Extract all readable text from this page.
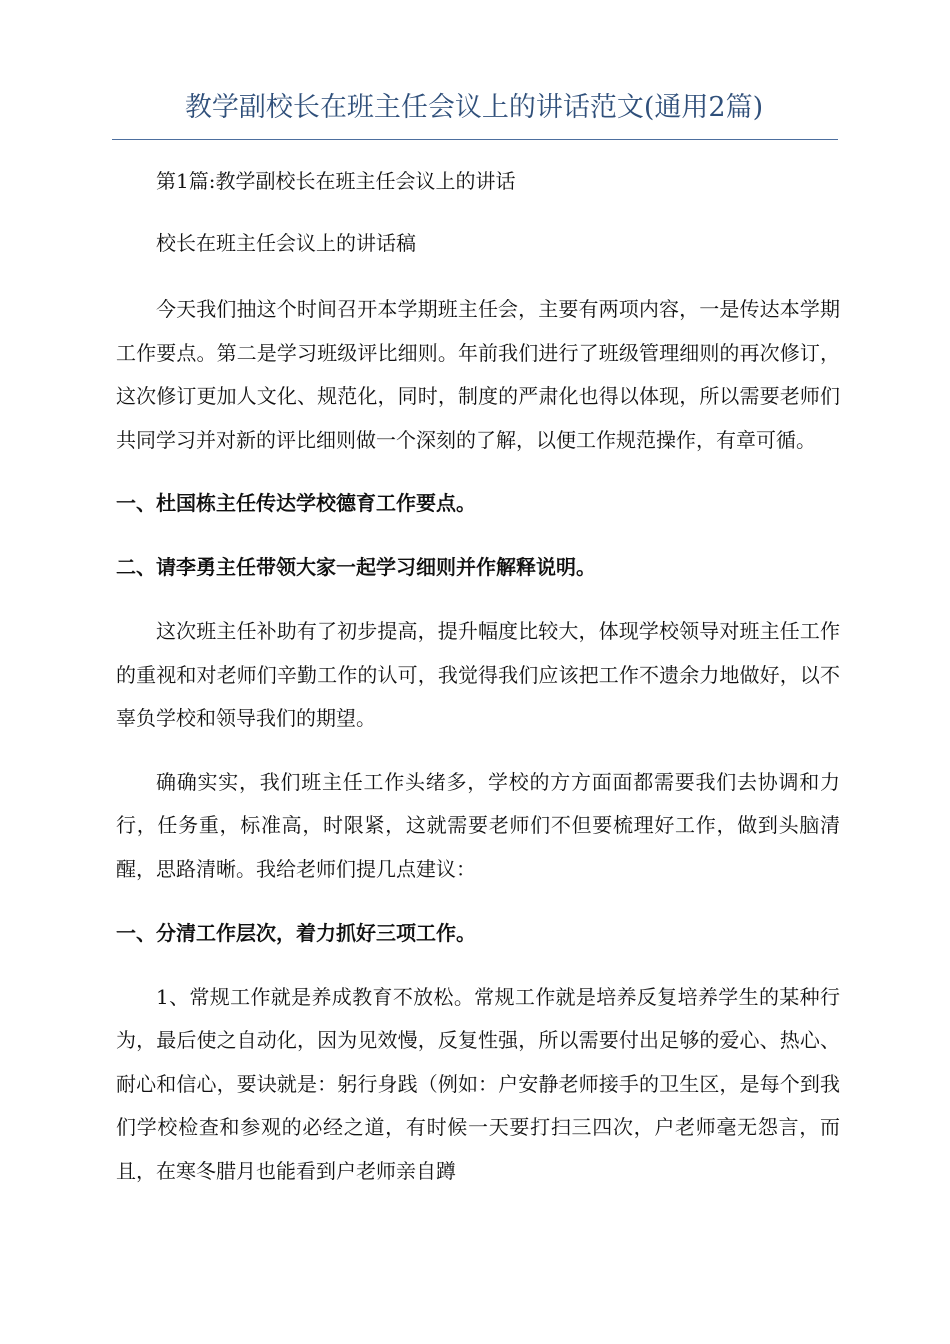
教学副校长在班主任会议上的讲话范文(通用2篇)

第1篇:教学副校长在班主任会议上的讲话

校长在班主任会议上的讲话稿

今天我们抽这个时间召开本学期班主任会，主要有两项内容，一是传达本学期工作要点。第二是学习班级评比细则。年前我们进行了班级管理细则的再次修订，这次修订更加人文化、规范化，同时，制度的严肃化也得以体现，所以需要老师们共同学习并对新的评比细则做一个深刻的了解，以便工作规范操作，有章可循。

一、杜国栋主任传达学校德育工作要点。

二、请李勇主任带领大家一起学习细则并作解释说明。

这次班主任补助有了初步提高，提升幅度比较大，体现学校领导对班主任工作的重视和对老师们辛勤工作的认可，我觉得我们应该把工作不遗余力地做好，以不辜负学校和领导我们的期望。

确确实实，我们班主任工作头绪多，学校的方方面面都需要我们去协调和力行，任务重，标准高，时限紧，这就需要老师们不但要梳理好工作，做到头脑清醒，思路清晰。我给老师们提几点建议：

一、分清工作层次，着力抓好三项工作。

1、常规工作就是养成教育不放松。常规工作就是培养反复培养学生的某种行为，最后使之自动化，因为见效慢，反复性强，所以需要付出足够的爱心、热心、耐心和信心，要诀就是：躬行身践（例如：户安静老师接手的卫生区，是每个到我们学校检查和参观的必经之道，有时候一天要打扫三四次，户老师毫无怨言，而且，在寒冬腊月也能看到户老师亲自蹲
